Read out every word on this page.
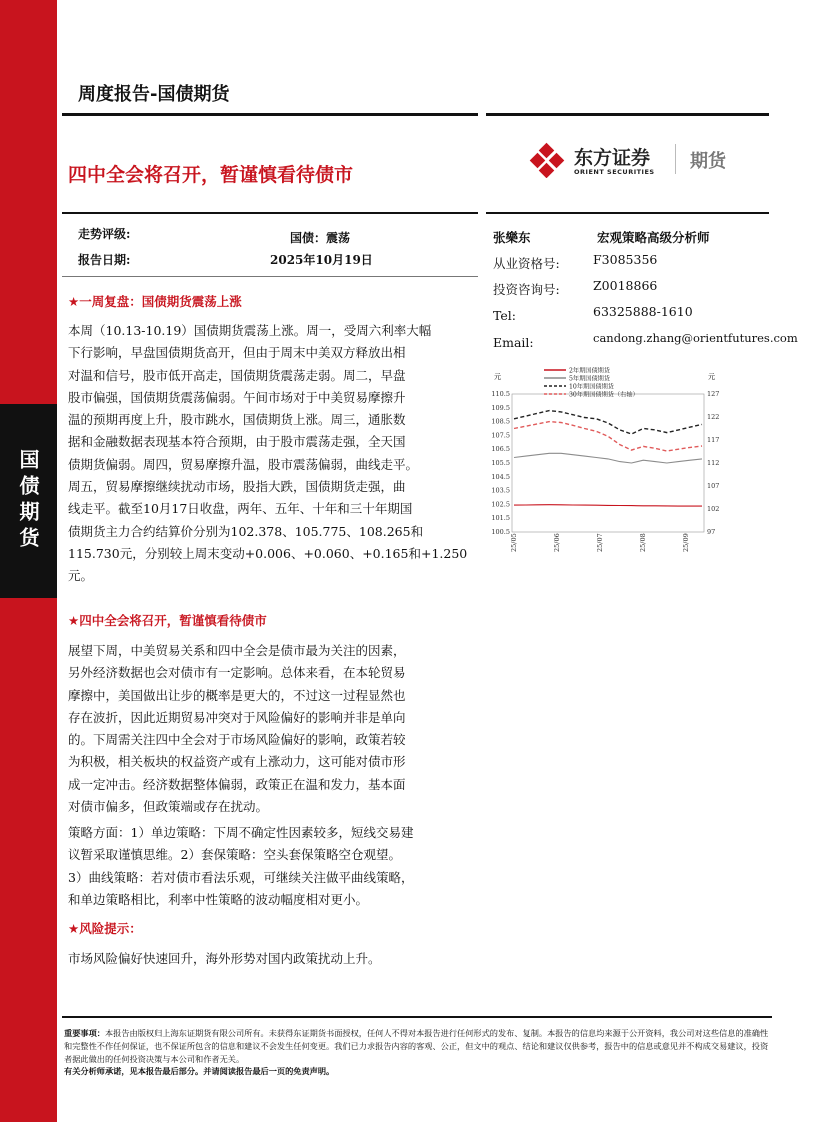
国债期货
周度报告-国债期货
四中全会将召开，暂谨慎看待债市
东方证券
ORIENT SECURITIES 期货
走势评级:	国债：震荡
报告日期:	2025年10月19日
张樂东	宏观策略高级分析师
从业资格号:	F3085356
投资咨询号:	Z0018866
Tel:	63325888-1610
Email:	candong.zhang@orientfutures.com
★一周复盘：国债期货震荡上涨
本周（10.13-10.19）国债期货震荡上涨。周一，受周六利率大幅
下行影响，早盘国债期货高开，但由于周末中美双方释放出相
对温和信号，股市低开高走，国债期货震荡走弱。周二，早盘
股市偏强，国债期货震荡偏弱。午间市场对于中美贸易摩擦升
温的预期再度上升，股市跳水，国债期货上涨。周三，通胀数
据和金融数据表现基本符合预期，由于股市震荡走强，全天国
债期货偏弱。周四，贸易摩擦升温，股市震荡偏弱，曲线走平。
周五，贸易摩擦继续扰动市场，股指大跌，国债期货走强，曲
线走平。截至10月17日收盘，两年、五年、十年和三十年期国
债期货主力合约结算价分别为102.378、105.775、108.265和
115.730元，分别较上周末变动+0.006、+0.060、+0.165和+1.250
元。
★四中全会将召开，暂谨慎看待债市
展望下周，中美贸易关系和四中全会是债市最为关注的因素，
另外经济数据也会对债市有一定影响。总体来看，在本轮贸易
摩擦中，美国做出让步的概率是更大的，不过这一过程显然也
存在波折，因此近期贸易冲突对于风险偏好的影响并非是单向
的。下周需关注四中全会对于市场风险偏好的影响，政策若较
为积极，相关板块的权益资产或有上涨动力，这可能对债市形
成一定冲击。经济数据整体偏弱，政策正在温和发力，基本面
对债市偏多，但政策端或存在扰动。
策略方面：1）单边策略：下周不确定性因素较多，短线交易建
议暂采取谨慎思维。2）套保策略：空头套保策略空仓观望。
3）曲线策略：若对债市看法乐观，可继续关注做平曲线策略，
和单边策略相比，利率中性策略的波动幅度相对更小。
★风险提示：
市场风险偏好快速回升，海外形势对国内政策扰动上升。
元	元
110.5
109.5
108.5
107.5
106.5
105.5
104.5
103.5
102.5
101.5
100.5
127
122
117
112
107
102
97
25/05	25/06	25/07	25/08	25/09
2年期国债期货
5年期国债期货
10年期国债期货
30年期国债期货（右轴）
重要事项：本报告由版权归上海东证期货有限公司所有。未获得东证期货书面授权，任何人不得对本报告进行任何形式的发布、复制。本报告的信息均来源于公开资料，我公司对这些信息的准确性和完整性不作任何保证，也不保证所包含的信息和建议不会发生任何变更。我们已力求报告内容的客观、公正，但文中的观点、结论和建议仅供参考，报告中的信息或意见并不构成交易建议，投资者据此做出的任何投资决策与本公司和作者无关。
有关分析师承诺，见本报告最后部分。并请阅读报告最后一页的免责声明。
